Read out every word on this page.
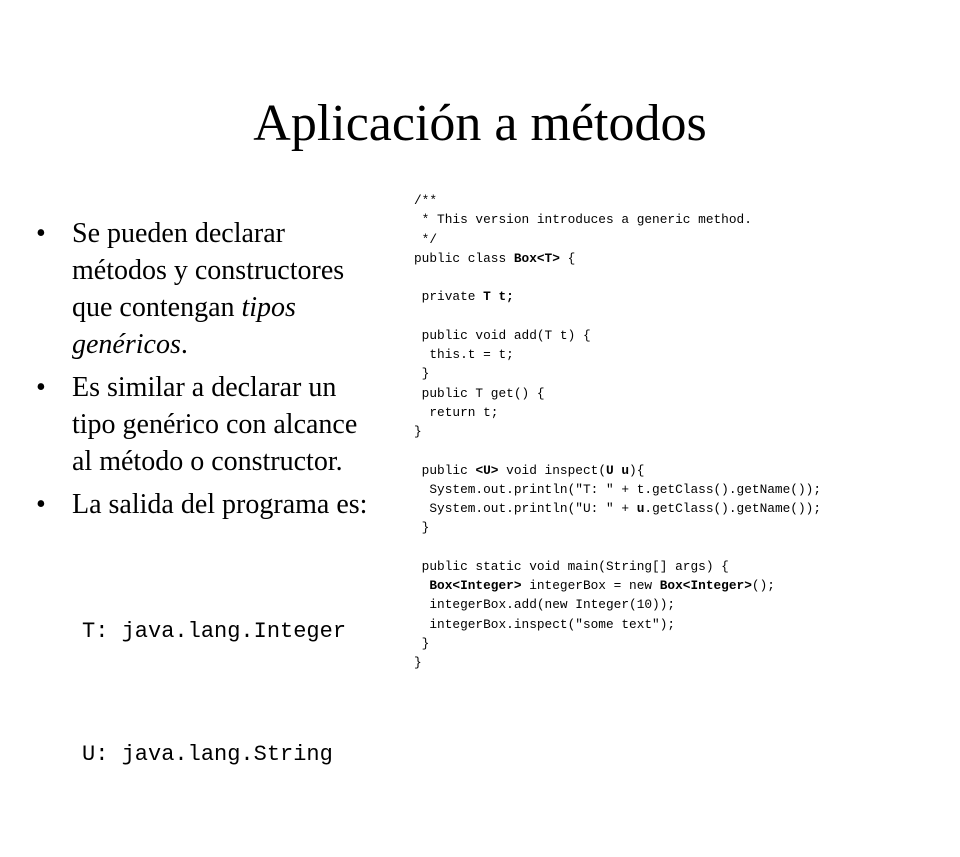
Aplicación a métodos
• Se pueden declarar
métodos y constructores
que contengan tipos
genéricos.
• Es similar a declarar un
tipo genérico con alcance
al método o constructor.
• La salida del programa es:

T: java.lang.Integer

U: java.lang.String

/**
* This version introduces a generic method.
*/
public class Box<T> {

private T t;

public void add(T t) {
this.t = t;
}
public T get() {
return t;
}

public <U> void inspect(U u){
System.out.println("T: " + t.getClass().getName());
System.out.println("U: " + u.getClass().getName());
}

public static void main(String[] args) {
Box<Integer> integerBox = new Box<Integer>();
integerBox.add(new Integer(10));
integerBox.inspect("some text");
}
}
